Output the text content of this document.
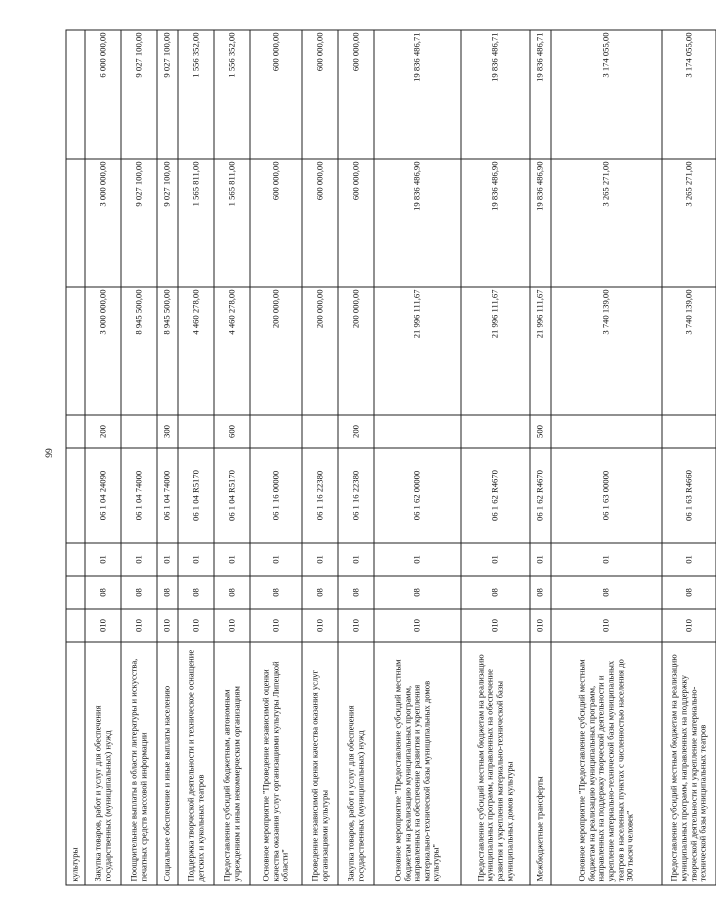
99
культуры								
Закупка товаров, работ и услуг для обеспечения государственных (муниципальных) нужд	010	08	01	06 1 04 24090	200	3 000 000,00	3 000 000,00	6 000 000,00
Поощрительные выплаты в области литературы и искусства, печатных средств массовой информации	010	08	01	06 1 04 74000		8 945 500,00	9 027 100,00	9 027 100,00
Социальное обеспечение и иные выплаты населению	010	08	01	06 1 04 74000	300	8 945 500,00	9 027 100,00	9 027 100,00
Поддержка творческой деятельности и техническое оснащение детских и кукольных театров	010	08	01	06 1 04 R5170		4 460 278,00	1 565 811,00	1 556 352,00
Предоставление субсидий бюджетным, автономным учреждениям и иным некоммерческим организациям	010	08	01	06 1 04 R5170	600	4 460 278,00	1 565 811,00	1 556 352,00
Основное мероприятие "Проведение независимой оценки качества оказания услуг организациями культуры Липецкой области"	010	08	01	06 1 16 00000		200 000,00	600 000,00	600 000,00
Проведение независимой оценки качества оказания услуг организациями культуры	010	08	01	06 1 16 22380		200 000,00	600 000,00	600 000,00
Закупка товаров, работ и услуг для обеспечения государственных (муниципальных) нужд	010	08	01	06 1 16 22380	200	200 000,00	600 000,00	600 000,00
Основное мероприятие "Предоставление субсидий местным бюджетам на реализацию муниципальных программ, направленных на обеспечение развития и укрепления материально-технической базы муниципальных домов культуры"	010	08	01	06 1 62 00000		21 996 111,67	19 836 486,90	19 836 486,71
Предоставление субсидий местным бюджетам на реализацию муниципальных программ, направленных на обеспечение развития и укрепления материально-технической базы муниципальных домов культуры	010	08	01	06 1 62 R4670		21 996 111,67	19 836 486,90	19 836 486,71
Межбюджетные трансферты	010	08	01	06 1 62 R4670	500	21 996 111,67	19 836 486,90	19 836 486,71
Основное мероприятие "Предоставление субсидий местным бюджетам на реализацию муниципальных программ, направленных на поддержку творческой деятельности и укрепление материально-технической базы муниципальных театров в населенных пунктах с численностью населения до 300 тысяч человек"	010	08	01	06 1 63 00000		3 740 139,00	3 265 271,00	3 174 055,00
Предоставление субсидий местным бюджетам на реализацию муниципальных программ, направленных на поддержку творческой деятельности и укрепление материально-технической базы муниципальных театров	010	08	01	06 1 63 R4660		3 740 139,00	3 265 271,00	3 174 055,00
